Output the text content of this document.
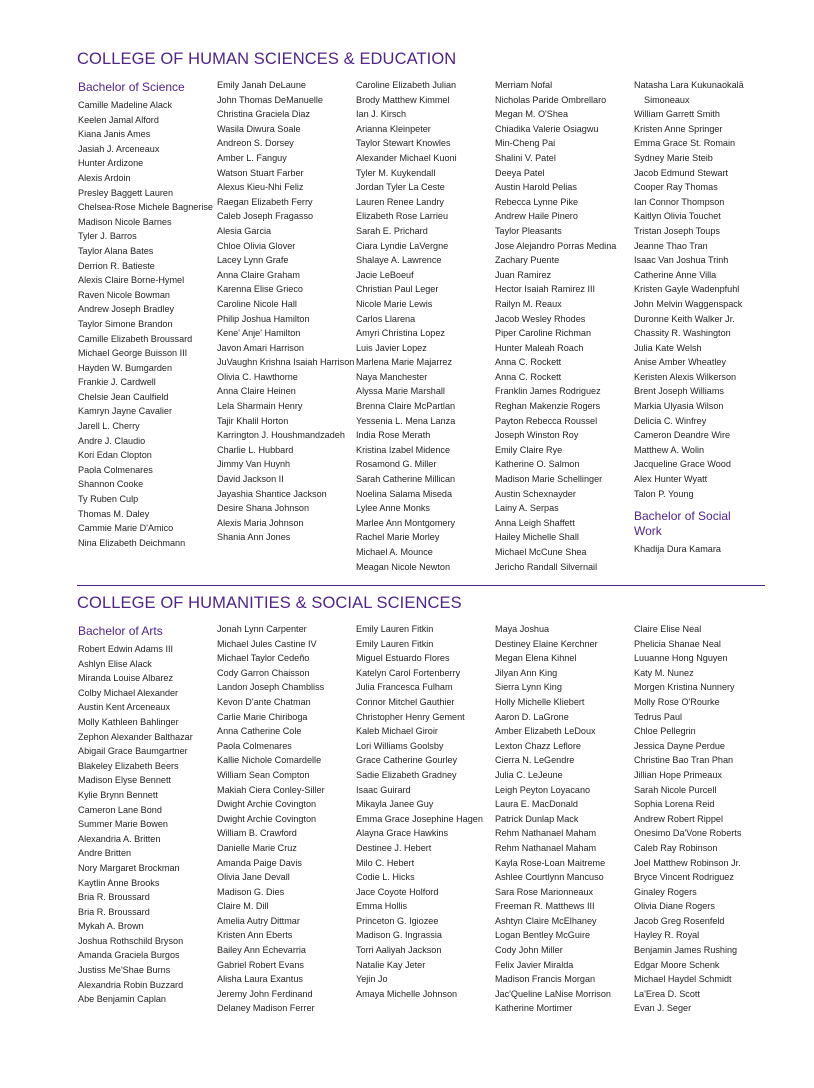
COLLEGE OF HUMAN SCIENCES & EDUCATION
Bachelor of Science
Camille Madeline Alack
Keelen Jamal Alford
Kiana Janis Ames
Jasiah J. Arceneaux
Hunter Ardizone
Alexis Ardoin
Presley Baggett Lauren
Chelsea-Rose Michele Bagnerise
Madison Nicole Barnes
Tyler J. Barros
Taylor Alana Bates
Derrion R. Batieste
Alexis Claire Borne-Hymel
Raven Nicole Bowman
Andrew Joseph Bradley
Taylor Simone Brandon
Camille Elizabeth Broussard
Michael George Buisson III
Hayden W. Bumgarden
Frankie J. Cardwell
Chelsie Jean Caulfield
Kamryn Jayne Cavalier
Jarell L. Cherry
Andre J. Claudio
Kori Edan Clopton
Paola Colmenares
Shannon Cooke
Ty Ruben Culp
Thomas M. Daley
Cammie Marie D'Amico
Nina Elizabeth Deichmann
Emily Janah DeLaune
John Thomas DeManuelle
Christina Graciela Diaz
Wasila Diwura Soale
Andreon S. Dorsey
Amber L. Fanguy
Watson Stuart Farber
Alexus Kieu-Nhi Feliz
Raegan Elizabeth Ferry
Caleb Joseph Fragasso
Alesia Garcia
Chloe Olivia Glover
Lacey Lynn Grafe
Anna Claire Graham
Karenna Elise Grieco
Caroline Nicole Hall
Philip Joshua Hamilton
Kene' Anje' Hamilton
Javon Amari Harrison
JuVaughn Krishna Isaiah Harrison
Olivia C. Hawthorne
Anna Claire Heinen
Lela Sharmain Henry
Tajir Khalil Horton
Karrington J. Houshmandzadeh
Charlie L. Hubbard
Jimmy Van Huynh
David Jackson II
Jayashia Shantice Jackson
Desire Shana Johnson
Alexis Maria Johnson
Shania Ann Jones
Caroline Elizabeth Julian
Brody Matthew Kimmel
Ian J. Kirsch
Arianna Kleinpeter
Taylor Stewart Knowles
Alexander Michael Kuoni
Tyler M. Kuykendall
Jordan Tyler La Ceste
Lauren Renee Landry
Elizabeth Rose Larrieu
Sarah E. Prichard
Ciara Lyndie LaVergne
Shalaye A. Lawrence
Jacie LeBoeuf
Christian Paul Leger
Nicole Marie Lewis
Carlos Llarena
Amyri Christina Lopez
Luis Javier Lopez
Marlena Marie Majarrez
Naya Manchester
Alyssa Marie Marshall
Brenna Claire McPartlan
Yessenia L. Mena Lanza
India Rose Merath
Kristina Izabel Midence
Rosamond G. Miller
Sarah Catherine Millican
Noelina Salama Miseda
Lylee Anne Monks
Marlee Ann Montgomery
Rachel Marie Morley
Michael A. Mounce
Meagan Nicole Newton
Merriam Nofal
Nicholas Paride Ombrellaro
Megan M. O'Shea
Chiadika Valerie Osiagwu
Min-Cheng Pai
Shalini V. Patel
Deeya Patel
Austin Harold Pelias
Rebecca Lynne Pike
Andrew Haile Pinero
Taylor Pleasants
Jose Alejandro Porras Medina
Zachary Puente
Juan Ramirez
Hector Isaiah Ramirez III
Railyn M. Reaux
Jacob Wesley Rhodes
Piper Caroline Richman
Hunter Maleah Roach
Anna C. Rockett
Anna C. Rockett
Franklin James Rodriguez
Reghan Makenzie Rogers
Payton Rebecca Roussel
Joseph Winston Roy
Emily Claire Rye
Katherine O. Salmon
Madison Marie Schellinger
Austin Schexnayder
Lainy A. Serpas
Anna Leigh Shaffett
Hailey Michelle Shall
Michael McCune Shea
Jericho Randall Silvernail
Natasha Lara Kukunaokalā Simoneaux
William Garrett Smith
Kristen Anne Springer
Emma Grace St. Romain
Sydney Marie Steib
Jacob Edmund Stewart
Cooper Ray Thomas
Ian Connor Thompson
Kaitlyn Olivia Touchet
Tristan Joseph Toups
Jeanne Thao Tran
Isaac Van Joshua Trinh
Catherine Anne Villa
Kristen Gayle Wadenpfuhl
John Melvin Waggenspack
Duronne Keith Walker Jr.
Chassity R. Washington
Julia Kate Welsh
Anise Amber Wheatley
Keristen Alexis Wilkerson
Brent Joseph Williams
Markia Ulyasia Wilson
Delicia C. Winfrey
Cameron Deandre Wire
Matthew A. Wolin
Jacqueline Grace Wood
Alex Hunter Wyatt
Talon P. Young
Bachelor of Social Work
Khadija Dura Kamara
COLLEGE OF HUMANITIES & SOCIAL SCIENCES
Bachelor of Arts
Robert Edwin Adams III
Ashlyn Elise Alack
Miranda Louise Albarez
Colby Michael Alexander
Austin Kent Arceneaux
Molly Kathleen Bahlinger
Zephon Alexander Balthazar
Abigail Grace Baumgartner
Blakeley Elizabeth Beers
Madison Elyse Bennett
Kylie Brynn Bennett
Cameron Lane Bond
Summer Marie Bowen
Alexandria A. Britten
Andre Britten
Nory Margaret Brockman
Kaytlin Anne Brooks
Bria R. Broussard
Bria R. Broussard
Mykah A. Brown
Joshua Rothschild Bryson
Amanda Graciela Burgos
Justiss Me'Shae Burns
Alexandria Robin Buzzard
Abe Benjamin Caplan
Jonah Lynn Carpenter
Michael Jules Castine IV
Michael Taylor Cedeño
Cody Garron Chaisson
Landon Joseph Chambliss
Kevon D'ante Chatman
Carlie Marie Chiriboga
Anna Catherine Cole
Paola Colmenares
Kallie Nichole Comardelle
William Sean Compton
Makiah Ciera Conley-Siller
Dwight Archie Covington
Dwight Archie Covington
William B. Crawford
Danielle Marie Cruz
Amanda Paige Davis
Olivia Jane Devall
Madison G. Dies
Claire M. Dill
Amelia Autry Dittmar
Kristen Ann Eberts
Bailey Ann Echevarria
Gabriel Robert Evans
Alisha Laura Exantus
Jeremy John Ferdinand
Delaney Madison Ferrer
Emily Lauren Fitkin
Emily Lauren Fitkin
Miguel Estuardo Flores
Katelyn Carol Fortenberry
Julia Francesca Fulham
Connor Mitchel Gauthier
Christopher Henry Gement
Kaleb Michael Giroir
Lori Williams Goolsby
Grace Catherine Gourley
Sadie Elizabeth Gradney
Isaac Guirard
Mikayla Janee Guy
Emma Grace Josephine Hagen
Alayna Grace Hawkins
Destinee J. Hebert
Milo C. Hebert
Codie L. Hicks
Jace Coyote Holford
Emma Hollis
Princeton G. Igiozee
Madison G. Ingrassia
Torri Aaliyah Jackson
Natalie Kay Jeter
Yejin Jo
Amaya Michelle Johnson
Maya Joshua
Destiney Elaine Kerchner
Megan Elena Kihnel
Jilyan Ann King
Sierra Lynn King
Holly Michelle Kliebert
Aaron D. LaGrone
Amber Elizabeth LeDoux
Lexton Chazz Leflore
Cierra N. LeGendre
Julia C. LeJeune
Leigh Peyton Loyacano
Laura E. MacDonald
Patrick Dunlap Mack
Rehm Nathanael Maham
Rehm Nathanael Maham
Kayla Rose-Loan Maitreme
Ashlee Courtlynn Mancuso
Sara Rose Marionneaux
Freeman R. Matthews III
Ashtyn Claire McElhaney
Logan Bentley McGuire
Cody John Miller
Felix Javier Miralda
Madison Francis Morgan
Jac'Queline LaNise Morrison
Katherine Mortimer
Claire Elise Neal
Phelicia Shanae Neal
Luuanne Hong Nguyen
Katy M. Nunez
Morgen Kristina Nunnery
Molly Rose O'Rourke
Tedrus Paul
Chloe Pellegrin
Jessica Dayne Perdue
Christine Bao Tran Phan
Jillian Hope Primeaux
Sarah Nicole Purcell
Sophia Lorena Reid
Andrew Robert Rippel
Onesimo Da'Vone Roberts
Caleb Ray Robinson
Joel Matthew Robinson Jr.
Bryce Vincent Rodriguez
Ginaley Rogers
Olivia Diane Rogers
Jacob Greg Rosenfeld
Hayley R. Royal
Benjamin James Rushing
Edgar Moore Schenk
Michael Haydel Schmidt
La'Erea D. Scott
Evan J. Seger
